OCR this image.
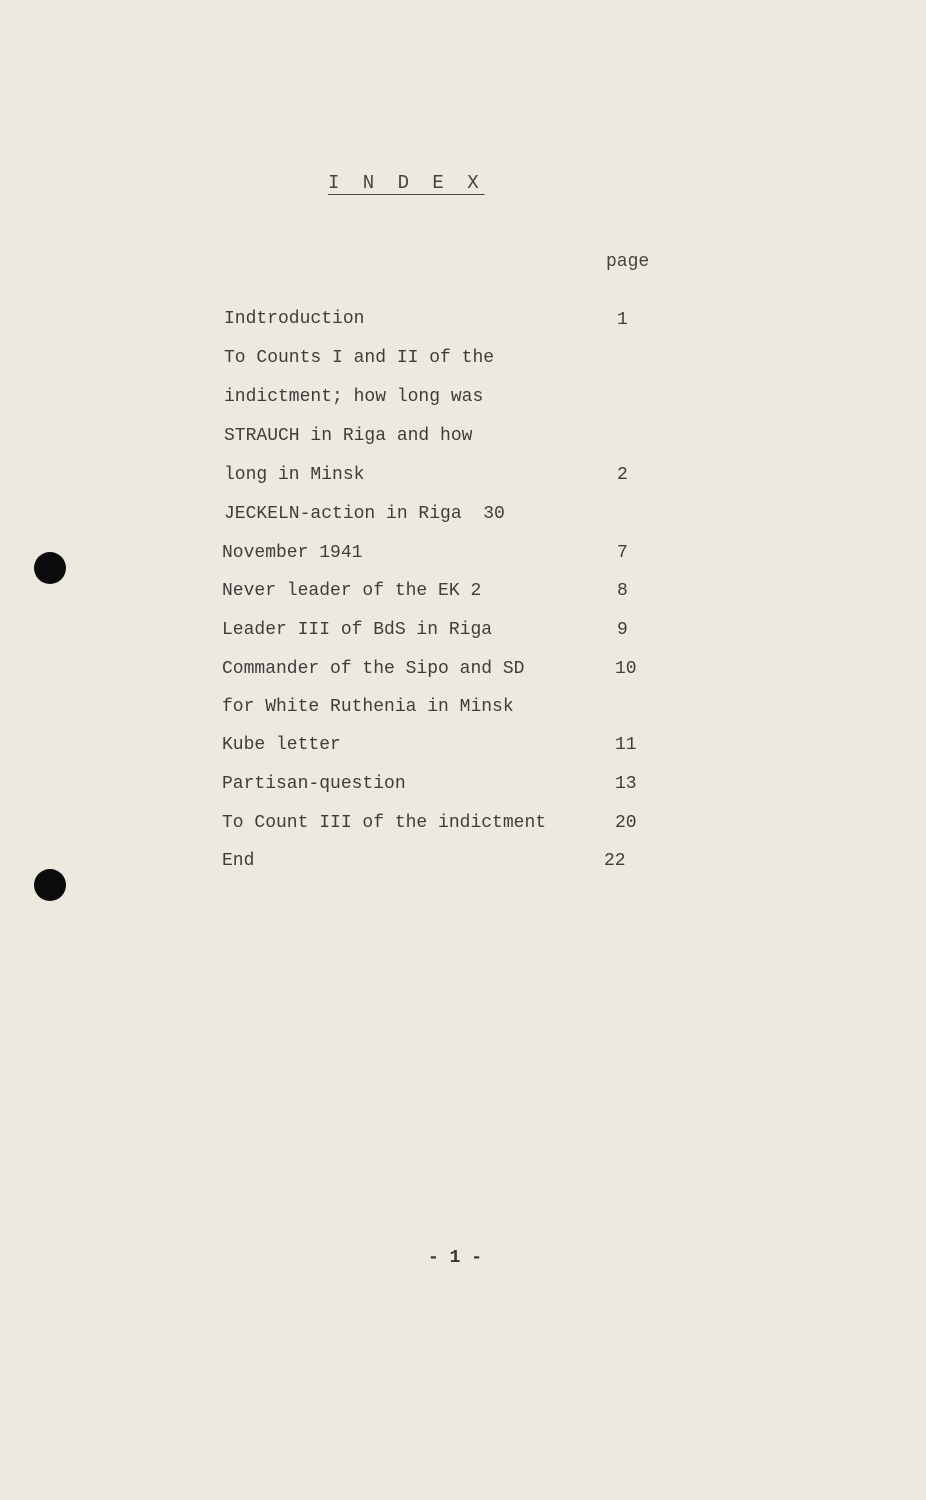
I N D E X
page
Indtroduction	1
To Counts I and II of the
indictment; how long was
STRAUCH in Riga and how
long in Minsk	2
JECKELN-action in Riga  30
November 1941	7
Never leader of the EK 2	8
Leader III of BdS in Riga	9
Commander of the Sipo and SD	10
for White Ruthenia in Minsk
Kube letter	11
Partisan-question	13
To Count III of the indictment	20
End	22
- 1 -
